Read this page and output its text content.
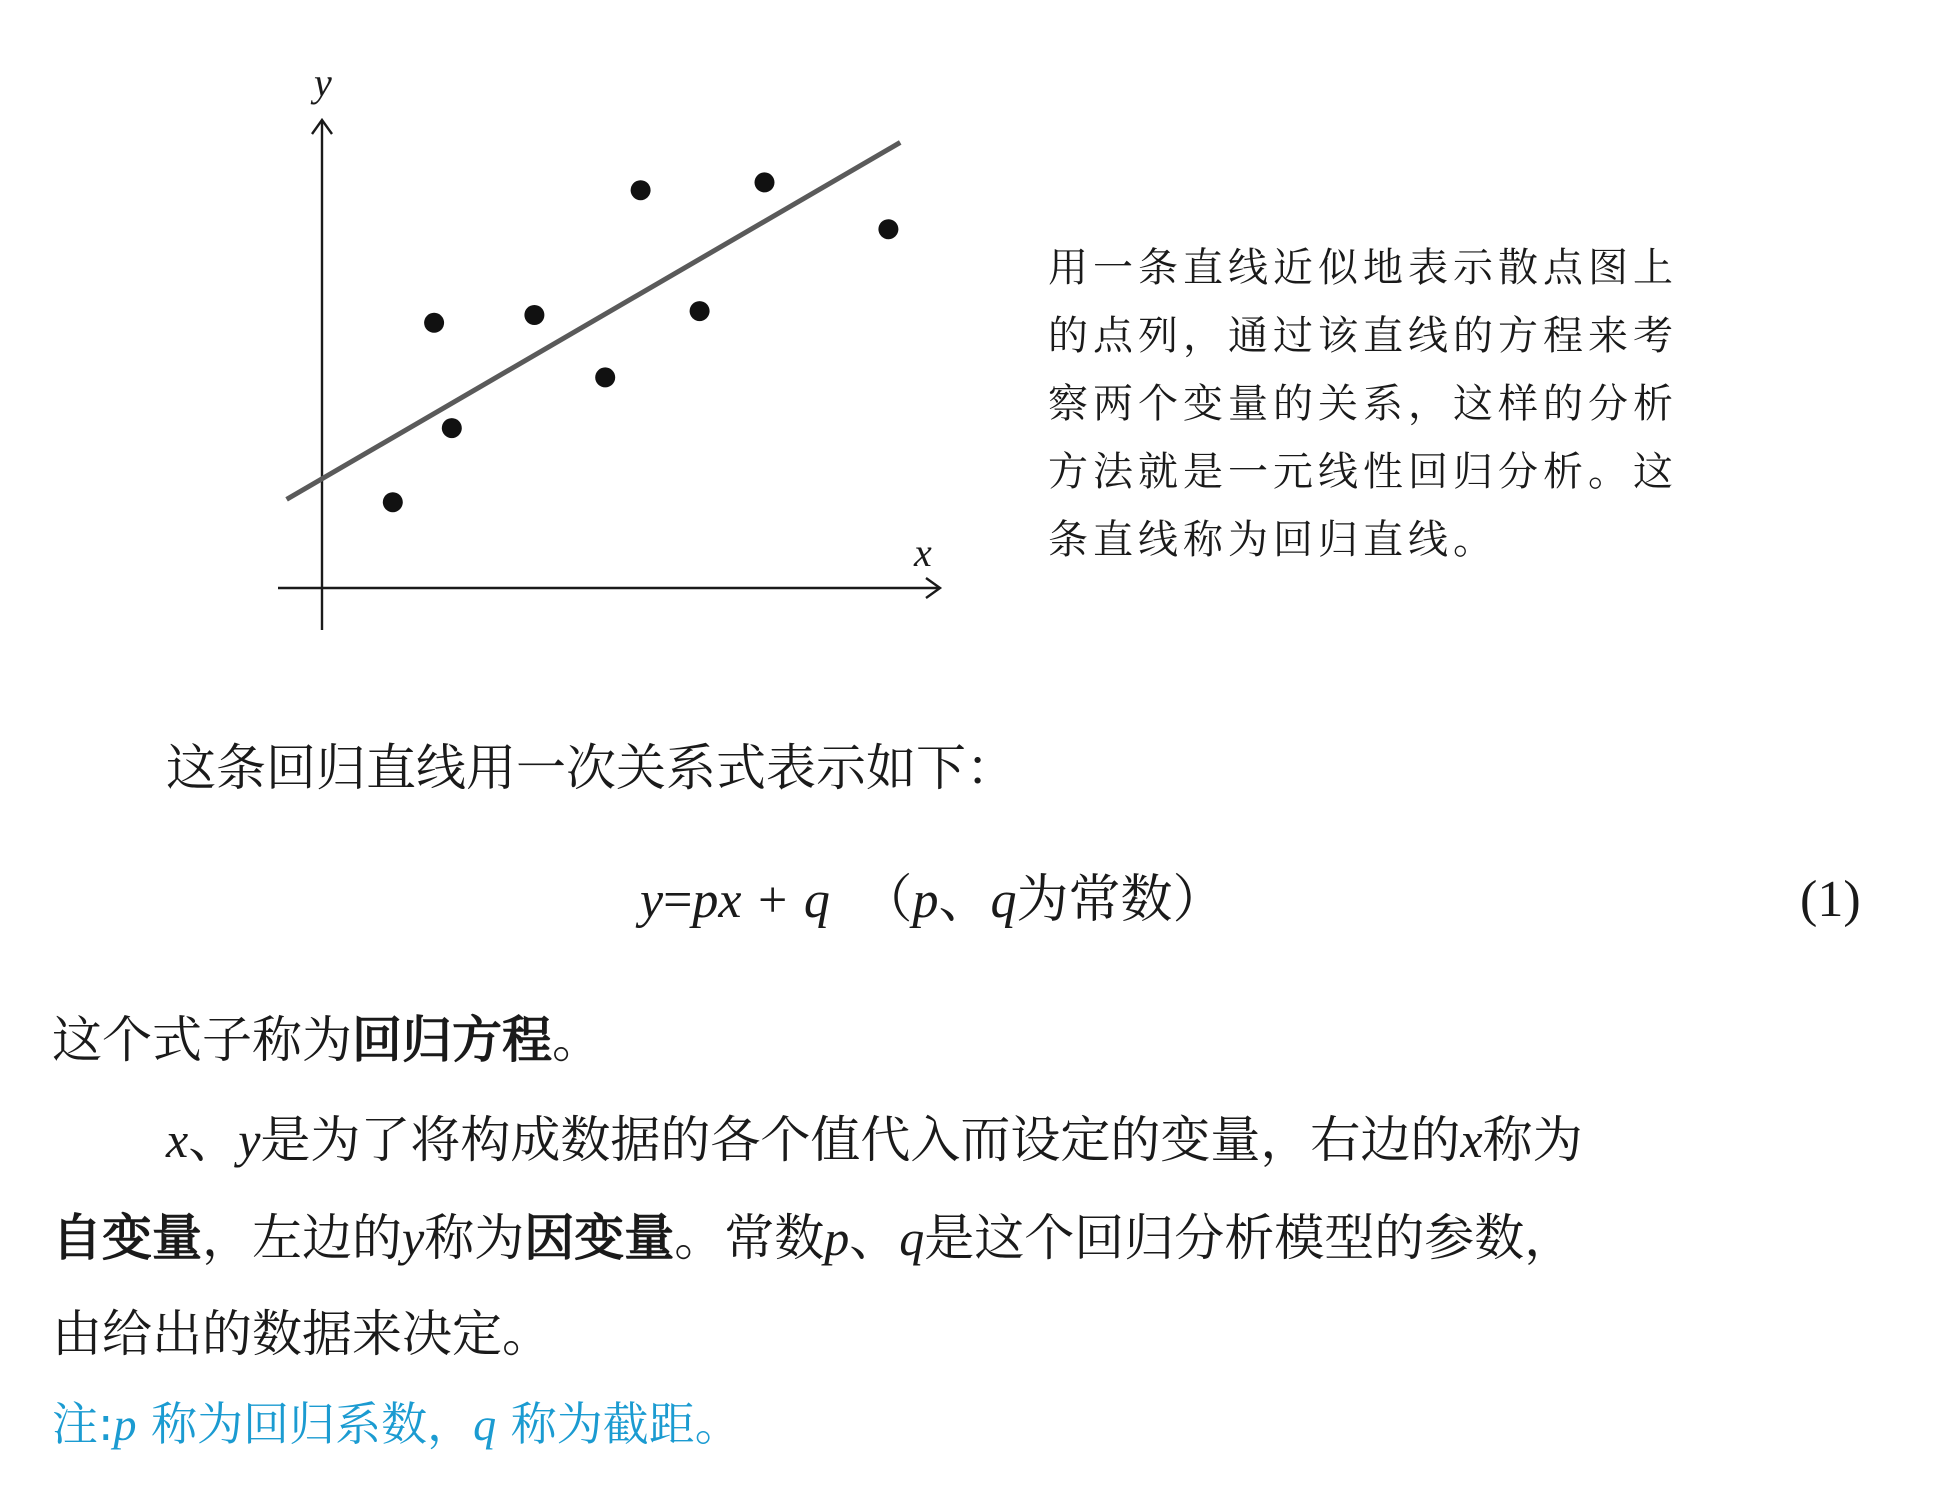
y
x
用一条直线近似地表示散点图上的点列，通过该直线的方程来考察两个变量的关系，这样的分析方法就是一元线性回归分析。这条直线称为回归直线。
这条回归直线用一次关系式表示如下：
y=px + q （p、q为常数）	(1)
这个式子称为回归方程。
x、y是为了将构成数据的各个值代入而设定的变量，右边的x称为
自变量，左边的y称为因变量。常数p、q是这个回归分析模型的参数，
由给出的数据来决定。
注:p 称为回归系数，q 称为截距。
